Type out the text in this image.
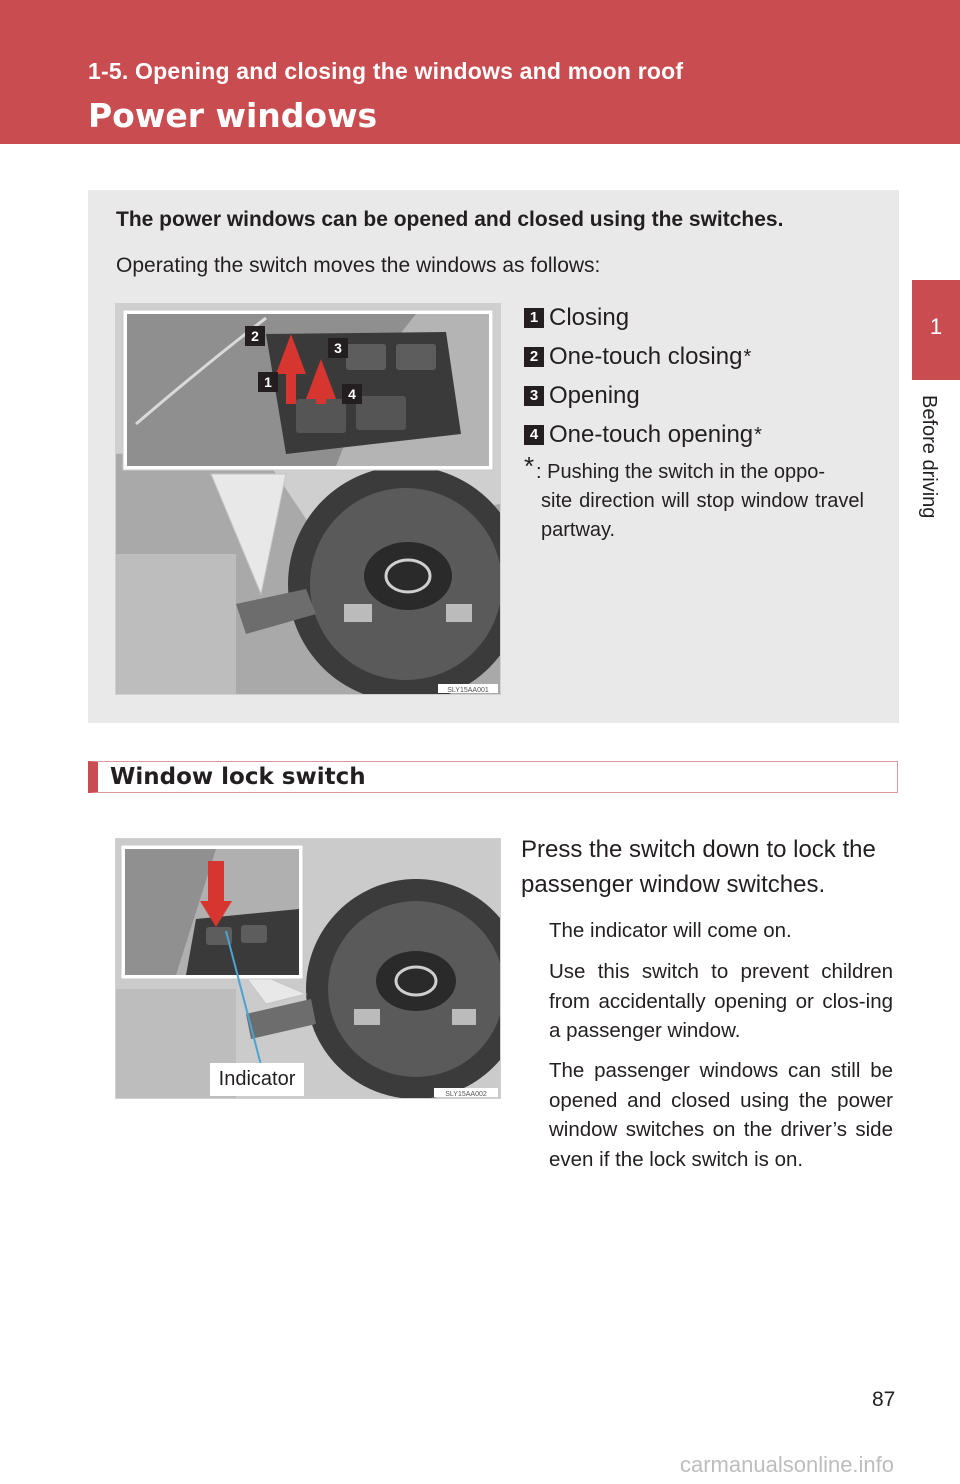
1-5. Opening and closing the windows and moon roof
Power windows
1
Before driving
The power windows can be opened and closed using the switches.
Operating the switch moves the windows as follows:
2
3
1
4
SLY15AA001
1 Closing
2 One-touch closing *
3 Opening
4 One-touch opening *
* : Pushing the switch in the oppo-
site direction will stop window travel partway.
Window lock switch
SLY15AA002
Indicator
Press the switch down to lock the passenger window switches.
The indicator will come on.
Use this switch to prevent children from accidentally opening or clos-ing a passenger window.
The passenger windows can still be opened and closed using the power window switches on the driver’s side even if the lock switch is on.
87
carmanualsonline.info
